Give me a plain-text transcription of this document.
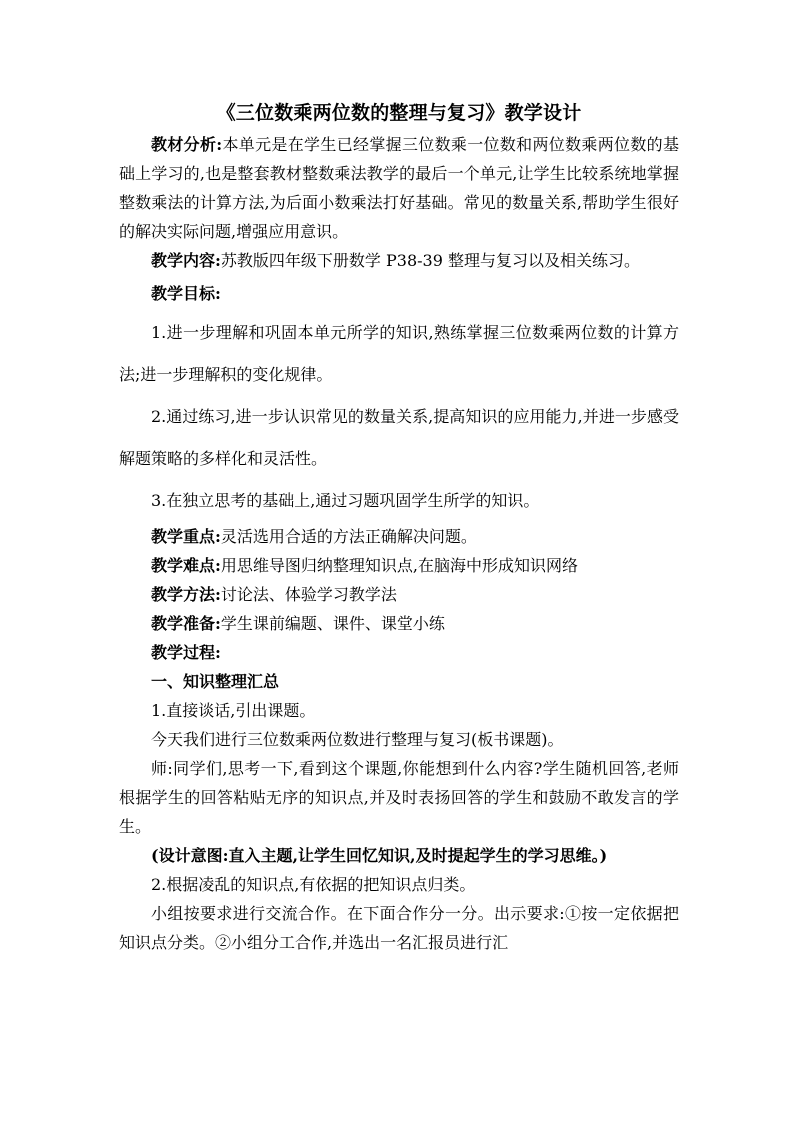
《三位数乘两位数的整理与复习》教学设计

教材分析:本单元是在学生已经掌握三位数乘一位数和两位数乘两位数的基础上学习的,也是整套教材整数乘法教学的最后一个单元,让学生比较系统地掌握整数乘法的计算方法,为后面小数乘法打好基础。常见的数量关系,帮助学生很好的解决实际问题,增强应用意识。

教学内容:苏教版四年级下册数学 P38-39 整理与复习以及相关练习。

教学目标:

1.进一步理解和巩固本单元所学的知识,熟练掌握三位数乘两位数的计算方法;进一步理解积的变化规律。

2.通过练习,进一步认识常见的数量关系,提高知识的应用能力,并进一步感受解题策略的多样化和灵活性。

3.在独立思考的基础上,通过习题巩固学生所学的知识。

教学重点:灵活选用合适的方法正确解决问题。

教学难点:用思维导图归纳整理知识点,在脑海中形成知识网络

教学方法:讨论法、体验学习教学法

教学准备:学生课前编题、课件、课堂小练

教学过程:

一、知识整理汇总

1.直接谈话,引出课题。

今天我们进行三位数乘两位数进行整理与复习(板书课题)。

师:同学们,思考一下,看到这个课题,你能想到什么内容?学生随机回答,老师根据学生的回答粘贴无序的知识点,并及时表扬回答的学生和鼓励不敢发言的学生。

(设计意图:直入主题,让学生回忆知识,及时提起学生的学习思维。)

2.根据凌乱的知识点,有依据的把知识点归类。

小组按要求进行交流合作。在下面合作分一分。出示要求:①按一定依据把知识点分类。②小组分工合作,并选出一名汇报员进行汇
